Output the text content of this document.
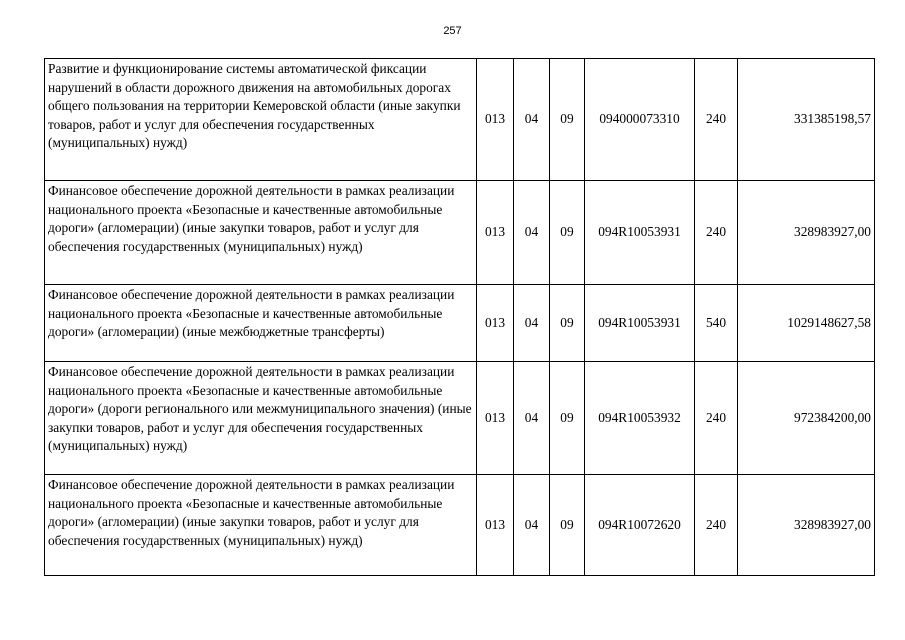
257
Развитие и функционирование системы автоматической фиксации нарушений в области дорожного движения на автомобильных дорогах общего пользования на территории Кемеровской области (иные закупки товаров, работ и услуг для обеспечения государственных (муниципальных) нужд)	013	04	09	094000073310	240	331385198,57
Финансовое обеспечение дорожной деятельности в рамках реализации национального проекта «Безопасные и качественные автомобильные дороги» (агломерации) (иные закупки товаров, работ и услуг для обеспечения государственных (муниципальных) нужд)	013	04	09	094R10053931	240	328983927,00
Финансовое обеспечение дорожной деятельности в рамках реализации национального проекта «Безопасные и качественные автомобильные дороги» (агломерации) (иные межбюджетные трансферты)	013	04	09	094R10053931	540	1029148627,58
Финансовое обеспечение дорожной деятельности в рамках реализации национального проекта «Безопасные и качественные автомобильные дороги» (дороги регионального или межмуниципального значения) (иные закупки товаров, работ и услуг для обеспечения государственных (муниципальных) нужд)	013	04	09	094R10053932	240	972384200,00
Финансовое обеспечение дорожной деятельности в рамках реализации национального проекта «Безопасные и качественные автомобильные дороги» (агломерации) (иные закупки товаров, работ и услуг для обеспечения государственных (муниципальных) нужд)	013	04	09	094R10072620	240	328983927,00
